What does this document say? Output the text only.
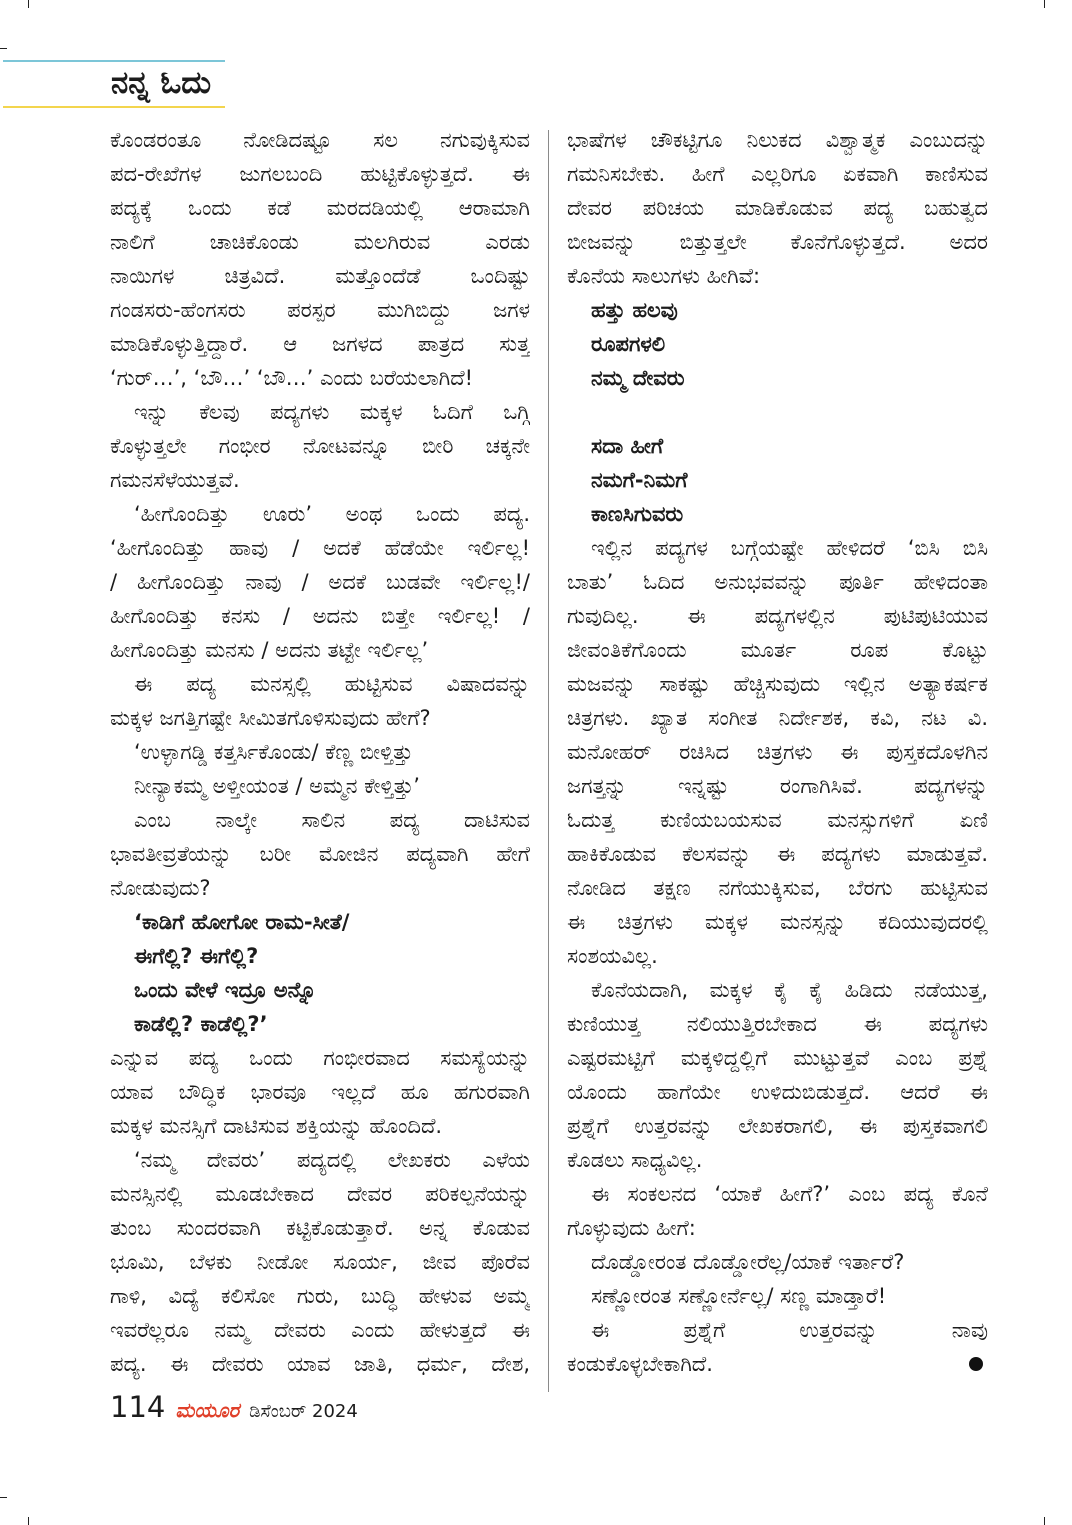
ನನ್ನ ಓದು
ಕೊಂಡರಂತೂ ನೋಡಿದಷ್ಟೂ ಸಲ ನಗುವುಕ್ಕಿಸುವ
ಪದ-ರೇಖೆಗಳ ಜುಗಲಬಂದಿ ಹುಟ್ಟಿಕೊಳ್ಳುತ್ತದೆ. ಈ
ಪದ್ಯಕ್ಕೆ ಒಂದು ಕಡೆ ಮರದಡಿಯಲ್ಲಿ ಆರಾಮಾಗಿ
ನಾಲಿಗೆ ಚಾಚಿಕೊಂಡು ಮಲಗಿರುವ ಎರಡು
ನಾಯಿಗಳ ಚಿತ್ರವಿದೆ. ಮತ್ತೊಂದೆಡೆ ಒಂದಿಷ್ಟು
ಗಂಡಸರು-ಹೆಂಗಸರು ಪರಸ್ಪರ ಮುಗಿಬಿದ್ದು ಜಗಳ
ಮಾಡಿಕೊಳ್ಳುತ್ತಿದ್ದಾರೆ. ಆ ಜಗಳದ ಪಾತ್ರದ ಸುತ್ತ
‘ಗುರ್…’, ‘ಬೌ…’ ‘ಬೌ…’ ಎಂದು ಬರೆಯಲಾಗಿದೆ!
ಇನ್ನು ಕೆಲವು ಪದ್ಯಗಳು ಮಕ್ಕಳ ಓದಿಗೆ ಒಗ್ಗಿ
ಕೊಳ್ಳುತ್ತಲೇ ಗಂಭೀರ ನೋಟವನ್ನೂ ಬೀರಿ ಚಕ್ಕನೇ
ಗಮನಸೆಳೆಯುತ್ತವೆ.
‘ಹೀಗೊಂದಿತ್ತು ಊರು’ ಅಂಥ ಒಂದು ಪದ್ಯ.
‘ಹೀಗೊಂದಿತ್ತು ಹಾವು / ಅದಕೆ ಹೆಡೆಯೇ ಇರ್ಲಿಲ್ಲ!
/ ಹೀಗೊಂದಿತ್ತು ನಾವು / ಅದಕೆ ಬುಡವೇ ಇರ್ಲಿಲ್ಲ!/
ಹೀಗೊಂದಿತ್ತು ಕನಸು / ಅದನು ಬಿತ್ತೇ ಇರ್ಲಿಲ್ಲ! /
ಹೀಗೊಂದಿತ್ತು ಮನಸು / ಅದನು ತಟ್ಟೇ ಇರ್ಲಿಲ್ಲ’
ಈ ಪದ್ಯ ಮನಸ್ಸಲ್ಲಿ ಹುಟ್ಟಿಸುವ ವಿಷಾದವನ್ನು
ಮಕ್ಕಳ ಜಗತ್ತಿಗಷ್ಟೇ ಸೀಮಿತಗೊಳಿಸುವುದು ಹೇಗೆ?
‘ಉಳ್ಳಾಗಡ್ಡಿ ಕತ್ತರ್ಸಿಕೊಂಡು/ ಕೆಣ್ಣ ಬೀಳ್ತಿತ್ತು
ನೀನ್ಯಾಕಮ್ಮ ಅಳ್ತೀಯಂತ / ಅಮ್ಮನ ಕೇಳ್ತಿತ್ತು’
ಎಂಬ ನಾಲ್ಕೇ ಸಾಲಿನ ಪದ್ಯ ದಾಟಿಸುವ
ಭಾವತೀವ್ರತೆಯನ್ನು ಬರೀ ಮೋಜಿನ ಪದ್ಯವಾಗಿ ಹೇಗೆ
ನೋಡುವುದು?
‘ಕಾಡಿಗೆ ಹೋಗೋ ರಾಮ-ಸೀತೆ/
ಈಗೆಲ್ಲಿ? ಈಗೆಲ್ಲಿ?
ಒಂದು ವೇಳೆ ಇದ್ರೂ ಅನ್ನೊ
ಕಾಡೆಲ್ಲಿ? ಕಾಡೆಲ್ಲಿ?’
ಎನ್ನುವ ಪದ್ಯ ಒಂದು ಗಂಭೀರವಾದ ಸಮಸ್ಯೆಯನ್ನು
ಯಾವ ಬೌದ್ಧಿಕ ಭಾರವೂ ಇಲ್ಲದೆ ಹೂ ಹಗುರವಾಗಿ
ಮಕ್ಕಳ ಮನಸ್ಸಿಗೆ ದಾಟಿಸುವ ಶಕ್ತಿಯನ್ನು ಹೊಂದಿದೆ.
‘ನಮ್ಮ ದೇವರು’ ಪದ್ಯದಲ್ಲಿ ಲೇಖಕರು ಎಳೆಯ
ಮನಸ್ಸಿನಲ್ಲಿ ಮೂಡಬೇಕಾದ ದೇವರ ಪರಿಕಲ್ಪನೆಯನ್ನು
ತುಂಬ ಸುಂದರವಾಗಿ ಕಟ್ಟಿಕೊಡುತ್ತಾರೆ. ಅನ್ನ ಕೊಡುವ
ಭೂಮಿ, ಬೆಳಕು ನೀಡೋ ಸೂರ್ಯ, ಜೀವ ಪೊರೆವ
ಗಾಳಿ, ವಿದ್ಯೆ ಕಲಿಸೋ ಗುರು, ಬುದ್ಧಿ ಹೇಳುವ ಅಮ್ಮ
ಇವರೆಲ್ಲರೂ ನಮ್ಮ ದೇವರು ಎಂದು ಹೇಳುತ್ತದೆ ಈ
ಪದ್ಯ. ಈ ದೇವರು ಯಾವ ಜಾತಿ, ಧರ್ಮ, ದೇಶ,
ಭಾಷೆಗಳ ಚೌಕಟ್ಟಿಗೂ ನಿಲುಕದ ವಿಶ್ವಾತ್ಮಕ ಎಂಬುದನ್ನು
ಗಮನಿಸಬೇಕು. ಹೀಗೆ ಎಲ್ಲರಿಗೂ ಏಕವಾಗಿ ಕಾಣಿಸುವ
ದೇವರ ಪರಿಚಯ ಮಾಡಿಕೊಡುವ ಪದ್ಯ ಬಹುತ್ವದ
ಬೀಜವನ್ನು ಬಿತ್ತುತ್ತಲೇ ಕೊನೆಗೊಳ್ಳುತ್ತದೆ. ಅದರ
ಕೊನೆಯ ಸಾಲುಗಳು ಹೀಗಿವೆ:
ಹತ್ತು ಹಲವು
ರೂಪಗಳಲಿ
ನಮ್ಮ ದೇವರು
ಸದಾ ಹೀಗೆ
ನಮಗೆ-ನಿಮಗೆ
ಕಾಣಸಿಗುವರು
ಇಲ್ಲಿನ ಪದ್ಯಗಳ ಬಗ್ಗೆಯಷ್ಟೇ ಹೇಳಿದರೆ ‘ಬಿಸಿ ಬಿಸಿ
ಬಾತು’ ಓದಿದ ಅನುಭವವನ್ನು ಪೂರ್ತಿ ಹೇಳಿದಂತಾ
ಗುವುದಿಲ್ಲ. ಈ ಪದ್ಯಗಳಲ್ಲಿನ ಪುಟಿಪುಟಿಯುವ
ಜೀವಂತಿಕೆಗೊಂದು ಮೂರ್ತ ರೂಪ ಕೊಟ್ಟು
ಮಜವನ್ನು ಸಾಕಷ್ಟು ಹೆಚ್ಚಿಸುವುದು ಇಲ್ಲಿನ ಅತ್ಯಾಕರ್ಷಕ
ಚಿತ್ರಗಳು. ಖ್ಯಾತ ಸಂಗೀತ ನಿರ್ದೇಶಕ, ಕವಿ, ನಟ ವಿ.
ಮನೋಹರ್ ರಚಿಸಿದ ಚಿತ್ರಗಳು ಈ ಪುಸ್ತಕದೊಳಗಿನ
ಜಗತ್ತನ್ನು ಇನ್ನಷ್ಟು ರಂಗಾಗಿಸಿವೆ. ಪದ್ಯಗಳನ್ನು
ಓದುತ್ತ ಕುಣಿಯಬಯಸುವ ಮನಸ್ಸುಗಳಿಗೆ ಏಣಿ
ಹಾಕಿಕೊಡುವ ಕೆಲಸವನ್ನು ಈ ಪದ್ಯಗಳು ಮಾಡುತ್ತವೆ.
ನೋಡಿದ ತಕ್ಷಣ ನಗೆಯುಕ್ಕಿಸುವ, ಬೆರಗು ಹುಟ್ಟಿಸುವ
ಈ ಚಿತ್ರಗಳು ಮಕ್ಕಳ ಮನಸ್ಸನ್ನು ಕದಿಯುವುದರಲ್ಲಿ
ಸಂಶಯವಿಲ್ಲ.
ಕೊನೆಯದಾಗಿ, ಮಕ್ಕಳ ಕೈ ಕೈ ಹಿಡಿದು ನಡೆಯುತ್ತ,
ಕುಣಿಯುತ್ತ ನಲಿಯುತ್ತಿರಬೇಕಾದ ಈ ಪದ್ಯಗಳು
ಎಷ್ಟರಮಟ್ಟಿಗೆ ಮಕ್ಕಳಿದ್ದಲ್ಲಿಗೆ ಮುಟ್ಟುತ್ತವೆ ಎಂಬ ಪ್ರಶ್ನೆ
ಯೊಂದು ಹಾಗೆಯೇ ಉಳಿದುಬಿಡುತ್ತದೆ. ಆದರೆ ಈ
ಪ್ರಶ್ನೆಗೆ ಉತ್ತರವನ್ನು ಲೇಖಕರಾಗಲಿ, ಈ ಪುಸ್ತಕವಾಗಲಿ
ಕೊಡಲು ಸಾಧ್ಯವಿಲ್ಲ.
ಈ ಸಂಕಲನದ ‘ಯಾಕೆ ಹೀಗೆ?’ ಎಂಬ ಪದ್ಯ ಕೊನೆ
ಗೊಳ್ಳುವುದು ಹೀಗೆ:
ದೊಡ್ಡೋರಂತ ದೊಡ್ಡೋರೆಲ್ಲ/ಯಾಕೆ ಇರ್ತಾರೆ?
ಸಣ್ಣೋರಂತ ಸಣ್ಣೋರ್ನೆಲ್ಲ/ ಸಣ್ಣ ಮಾಡ್ತಾರೆ!
ಈ ಪ್ರಶ್ನೆಗೆ ಉತ್ತರವನ್ನು ನಾವು
ಕಂಡುಕೊಳ್ಳಬೇಕಾಗಿದೆ.
114 ಮಯೂರ ಡಿಸೆಂಬರ್ 2024
